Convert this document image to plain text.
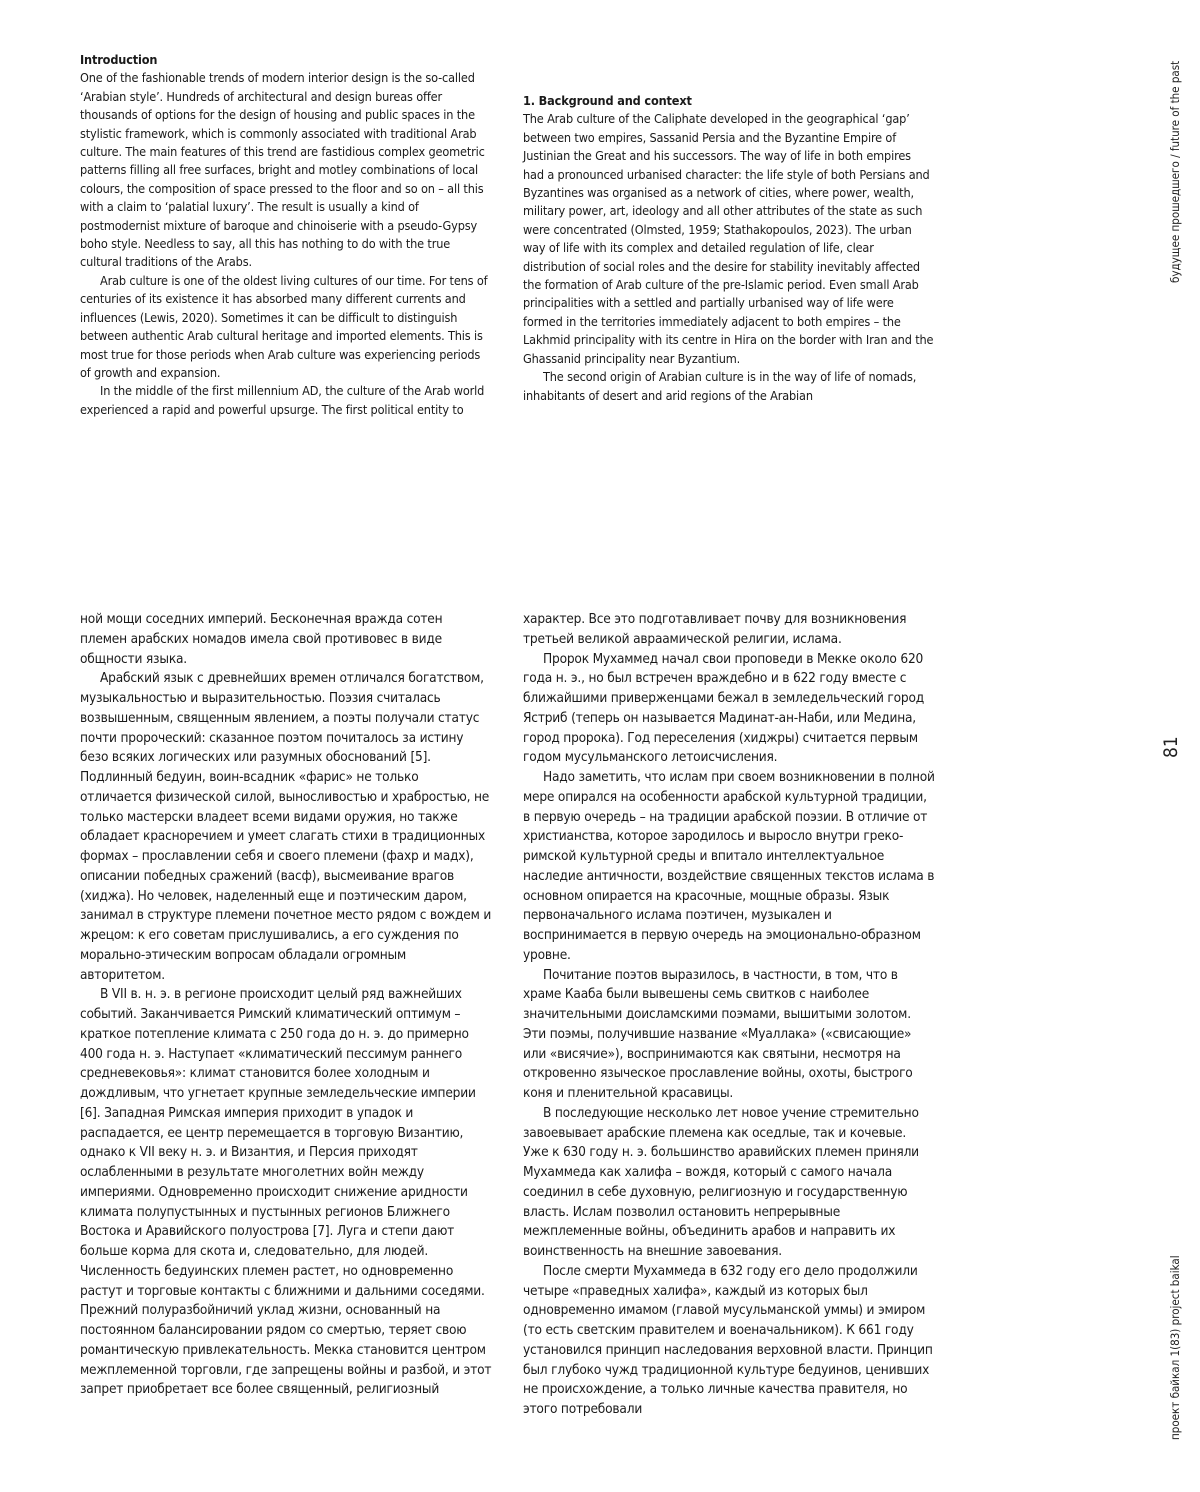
Introduction

One of the fashionable trends of modern interior design is the so-called ‘Arabian style’. Hundreds of architectural and design bureas offer thousands of options for the design of housing and public spaces in the stylistic framework, which is commonly associated with traditional Arab culture. The main features of this trend are fastidious complex geometric patterns filling all free surfaces, bright and motley combinations of local colours, the composition of space pressed to the floor and so on – all this with a claim to ‘palatial luxury’. The result is usually a kind of postmodernist mixture of baroque and chinoiserie with a pseudo-Gypsy boho style. Needless to say, all this has nothing to do with the true cultural traditions of the Arabs.

Arab culture is one of the oldest living cultures of our time. For tens of centuries of its existence it has absorbed many different currents and influences (Lewis, 2020). Sometimes it can be difficult to distinguish between authentic Arab cultural heritage and imported elements. This is most true for those periods when Arab culture was experiencing periods of growth and expansion.

In the middle of the first millennium AD, the culture of the Arab world experienced a rapid and powerful upsurge. The first political entity to

1. Background and context

The Arab culture of the Caliphate developed in the geographical ‘gap’ between two empires, Sassanid Persia and the Byzantine Empire of Justinian the Great and his successors. The way of life in both empires had a pronounced urbanised character: the life style of both Persians and Byzantines was organised as a network of cities, where power, wealth, military power, art, ideology and all other attributes of the state as such were concentrated (Olmsted, 1959; Stathakopoulos, 2023). The urban way of life with its complex and detailed regulation of life, clear distribution of social roles and the desire for stability inevitably affected the formation of Arab culture of the pre-Islamic period. Even small Arab principalities with a settled and partially urbanised way of life were formed in the territories immediately adjacent to both empires – the Lakhmid principality with its centre in Hira on the border with Iran and the Ghassanid principality near Byzantium.

The second origin of Arabian culture is in the way of life of nomads, inhabitants of desert and arid regions of the Arabian

ной мощи соседних империй. Бесконечная вражда сотен племен арабских номадов имела свой противовес в виде общности языка.

Арабский язык с древнейших времен отличался богатством, музыкальностью и выразительностью. Поэзия считалась возвышенным, священным явлением, а поэты получали статус почти пророческий: сказанное поэтом почиталось за истину безо всяких логических или разумных обоснований [5]. Подлинный бедуин, воин-всадник «фарис» не только отличается физической силой, выносливостью и храбростью, не только мастерски владеет всеми видами оружия, но также обладает красноречием и умеет слагать стихи в традиционных формах – прославлении себя и своего племени (фахр и мадх), описании победных сражений (васф), высмеивание врагов (хиджа). Но человек, наделенный еще и поэтическим даром, занимал в структуре племени почетное место рядом с вождем и жрецом: к его советам прислушивались, а его суждения по морально-этическим вопросам обладали огромным авторитетом.

В VII в. н. э. в регионе происходит целый ряд важнейших событий. Заканчивается Римский климатический оптимум – краткое потепление климата с 250 года до н. э. до примерно 400 года н. э. Наступает «климатический пессимум раннего средневековья»: климат становится более холодным и дождливым, что угнетает крупные земледельческие империи [6]. Западная Римская империя приходит в упадок и распадается, ее центр перемещается в торговую Византию, однако к VII веку н. э. и Византия, и Персия приходят ослабленными в результате многолетних войн между империями. Одновременно происходит снижение аридности климата полупустынных и пустынных регионов Ближнего Востока и Аравийского полуострова [7]. Луга и степи дают больше корма для скота и, следовательно, для людей. Численность бедуинских племен растет, но одновременно растут и торговые контакты с ближними и дальними соседями. Прежний полуразбойничий уклад жизни, основанный на постоянном балансировании рядом со смертью, теряет свою романтическую привлекательность. Мекка становится центром межплеменной торговли, где запрещены войны и разбой, и этот запрет приобретает все более священный, религиозный

характер. Все это подготавливает почву для возникновения третьей великой авраамической религии, ислама.

Пророк Мухаммед начал свои проповеди в Мекке около 620 года н. э., но был встречен враждебно и в 622 году вместе с ближайшими приверженцами бежал в земледельческий город Ястриб (теперь он называется Мадинат-ан-Наби, или Медина, город пророка). Год переселения (хиджры) считается первым годом мусульманского летоисчисления.

Надо заметить, что ислам при своем возникновении в полной мере опирался на особенности арабской культурной традиции, в первую очередь – на традиции арабской поэзии. В отличие от христианства, которое зародилось и выросло внутри греко-римской культурной среды и впитало интеллектуальное наследие античности, воздействие священных текстов ислама в основном опирается на красочные, мощные образы. Язык первоначального ислама поэтичен, музыкален и воспринимается в первую очередь на эмоционально-образном уровне.

Почитание поэтов выразилось, в частности, в том, что в храме Кааба были вывешены семь свитков с наиболее значительными доисламскими поэмами, вышитыми золотом. Эти поэмы, получившие название «Муаллака» («свисающие» или «висячие»), воспринимаются как святыни, несмотря на откровенно языческое прославление войны, охоты, быстрого коня и пленительной красавицы.

В последующие несколько лет новое учение стремительно завоевывает арабские племена как оседлые, так и кочевые. Уже к 630 году н. э. большинство аравийских племен приняли Мухаммеда как халифа – вождя, который с самого начала соединил в себе духовную, религиозную и государственную власть. Ислам позволил остановить непрерывные межплеменные войны, объединить арабов и направить их воинственность на внешние завоевания.

После смерти Мухаммеда в 632 году его дело продолжили четыре «праведных халифа», каждый из которых был одновременно имамом (главой мусульманской уммы) и эмиром (то есть светским правителем и военачальником). К 661 году установился принцип наследования верховной власти. Принцип был глубоко чужд традиционной культуре бедуинов, ценивших не происхождение, а только личные качества правителя, но этого потребовали

будущее прошедшего / future of the past
81
проект байкал 1(83) project baikal
